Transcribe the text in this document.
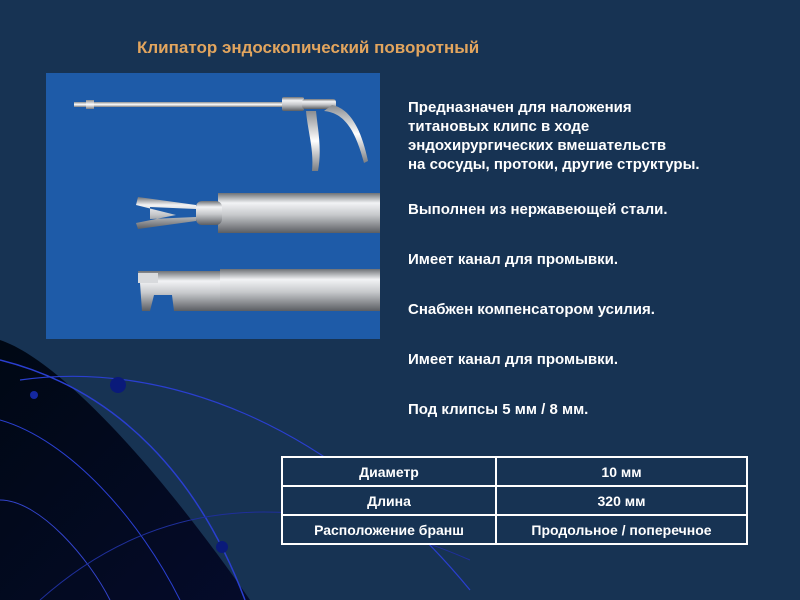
Клипатор эндоскопический поворотный

Предназначен для наложения

титановых клипс в ходе

эндохирургических вмешательств

на сосуды, протоки, другие структуры.

Выполнен из нержавеющей стали.

Имеет канал для промывки.

Снабжен компенсатором усилия.

Имеет канал для промывки.

Под клипсы 5 мм / 8 мм.

Диаметр	10 мм
Длина	320 мм
Расположение бранш	Продольное / поперечное
